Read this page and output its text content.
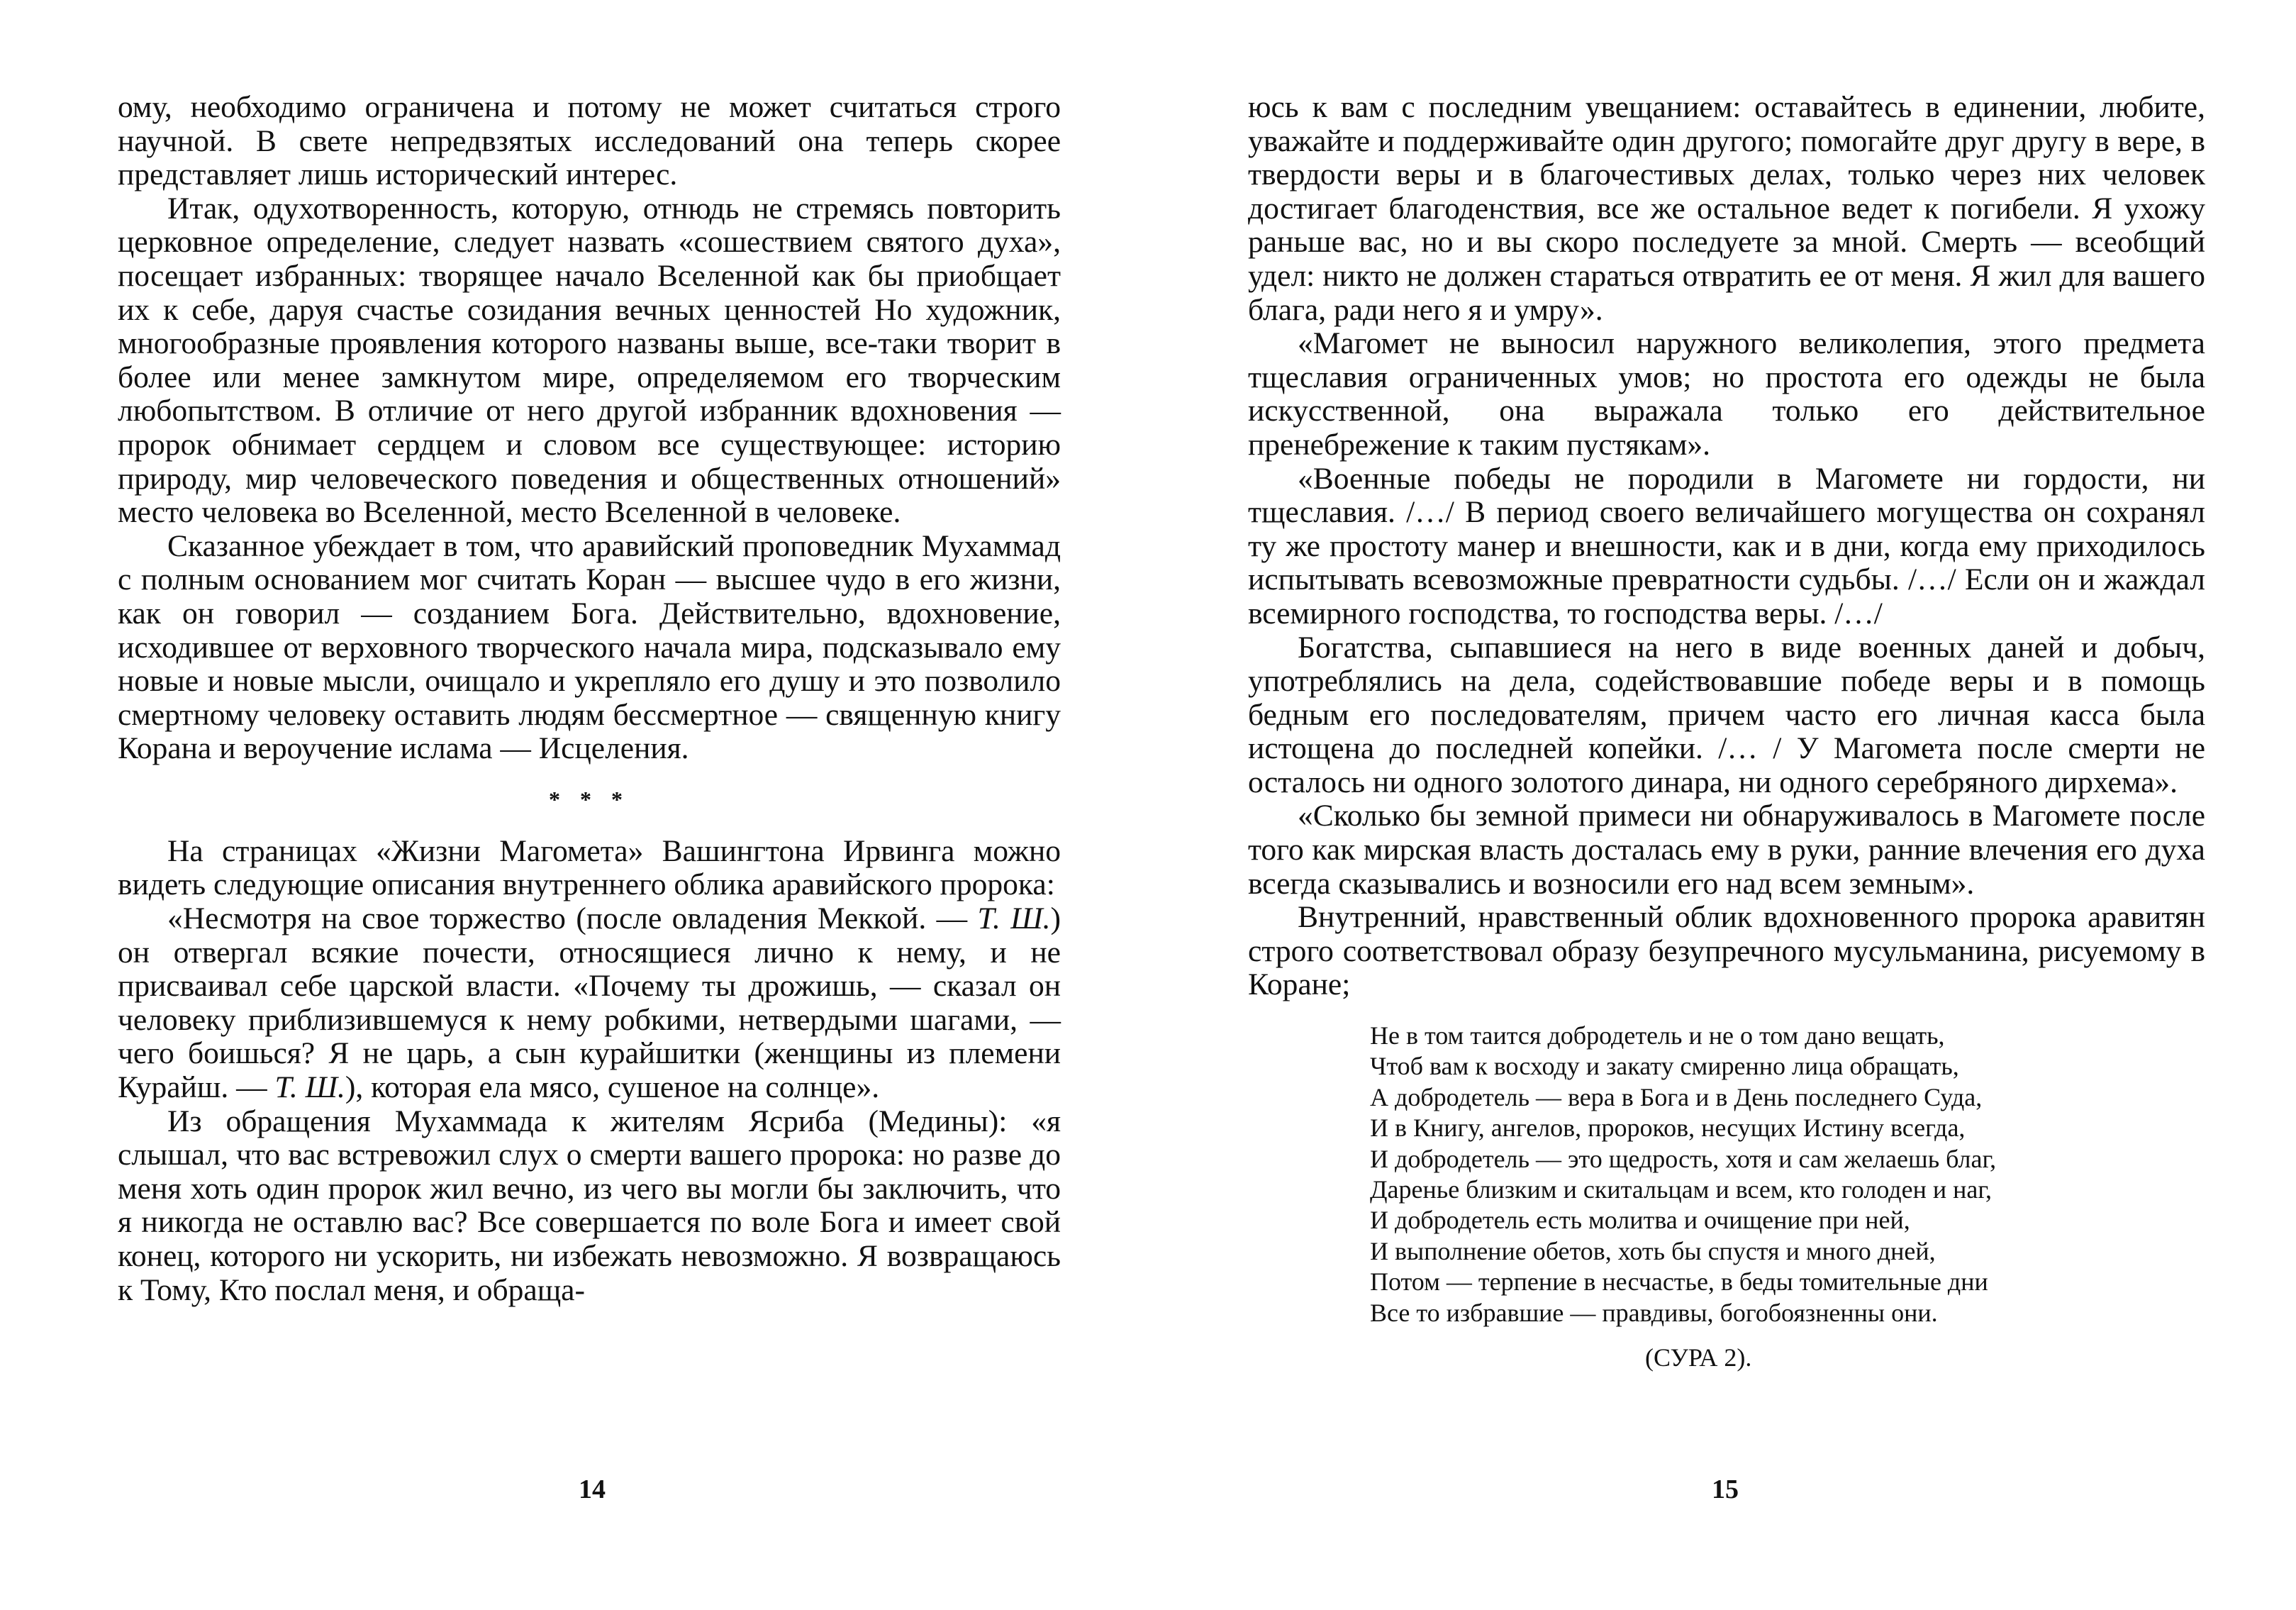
ому, необходимо ограничена и потому не может считаться строго научной. В свете непредвзятых исследований она теперь скорее представляет лишь исторический интерес.

Итак, одухотворенность, которую, отнюдь не стремясь повторить церковное определение, следует назвать «сошествием святого духа», посещает избранных: творящее начало Вселенной как бы приобщает их к себе, даруя счастье созидания вечных ценностей Но художник, многообразные проявления которого названы выше, все-таки творит в более или менее замкнутом мире, определяемом его творческим любопытством. В отличие от него другой избранник вдохновения — пророк обнимает сердцем и словом все существующее: историю природу, мир человеческого поведения и общественных отношений» место человека во Вселенной, место Вселенной в человеке.

Сказанное убеждает в том, что аравийский проповедник Мухаммад с полным основанием мог считать Коран — высшее чудо в его жизни, как он говорил — созданием Бога. Действительно, вдохновение, исходившее от верховного творческого начала мира, подсказывало ему новые и новые мысли, очищало и укрепляло его душу и это позволило смертному человеку оставить людям бессмертное — священную книгу Корана и вероучение ислама — Исцеления.

* * *

На страницах «Жизни Магомета» Вашингтона Ирвинга можно видеть следующие описания внутреннего облика аравийского пророка:

«Несмотря на свое торжество (после овладения Меккой. — Т. Ш.) он отвергал всякие почести, относящиеся лично к нему, и не присваивал себе царской власти. «Почему ты дрожишь, — сказал он человеку приблизившемуся к нему робкими, нетвердыми шагами, — чего боишься? Я не царь, а сын курайшитки (женщины из племени Курайш. — Т. Ш.), которая ела мясо, сушеное на солнце».

Из обращения Мухаммада к жителям Ясриба (Медины): «я слышал, что вас встревожил слух о смерти вашего пророка: но разве до меня хоть один пророк жил вечно, из чего вы могли бы заключить, что я никогда не оставлю вас? Все совершается по воле Бога и имеет свой конец, которого ни ускорить, ни избежать невозможно. Я возвращаюсь к Тому, Кто послал меня, и обраща-

14

юсь к вам с последним увещанием: оставайтесь в единении, любите, уважайте и поддерживайте один другого; помогайте друг другу в вере, в твердости веры и в благочестивых делах, только через них человек достигает благоденствия, все же остальное ведет к погибели. Я ухожу раньше вас, но и вы скоро последуете за мной. Смерть — всеобщий удел: никто не должен стараться отвратить ее от меня. Я жил для вашего блага, ради него я и умру».

«Магомет не выносил наружного великолепия, этого предмета тщеславия ограниченных умов; но простота его одежды не была искусственной, она выражала только его действительное пренебрежение к таким пустякам».

«Военные победы не породили в Магомете ни гордости, ни тщеславия. /…/ В период своего величайшего могущества он сохранял ту же простоту манер и внешности, как и в дни, когда ему приходилось испытывать всевозможные превратности судьбы. /…/ Если он и жаждал всемирного господства, то господства веры. /…/

Богатства, сыпавшиеся на него в виде военных даней и добыч, употреблялись на дела, содействовавшие победе веры и в помощь бедным его последователям, причем часто его личная касса была истощена до последней копейки. /… / У Магомета после смерти не осталось ни одного золотого динара, ни одного серебряного дирхема».

«Сколько бы земной примеси ни обнаруживалось в Магомете после того как мирская власть досталась ему в руки, ранние влечения его духа всегда сказывались и возносили его над всем земным».

Внутренний, нравственный облик вдохновенного пророка аравитян строго соответствовал образу безупречного мусульманина, рисуемому в Коране;

Не в том таится добродетель и не о том дано вещать,
Чтоб вам к восходу и закату смиренно лица обращать,
А добродетель — вера в Бога и в День последнего Суда,
И в Книгу, ангелов, пророков, несущих Истину всегда,
И добродетель — это щедрость, хотя и сам желаешь благ,
Даренье близким и скитальцам и всем, кто голоден и наг,
И добродетель есть молитва и очищение при ней,
И выполнение обетов, хоть бы спустя и много дней,
Потом — терпение в несчастье, в беды томительные дни
Все то избравшие — правдивы, богобоязненны они.
(СУРА 2).
15
